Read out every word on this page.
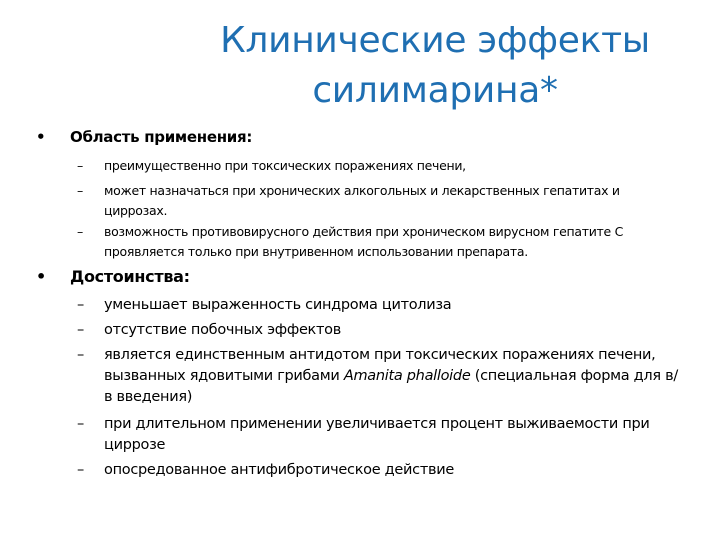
Клинические эффекты
силимарина*
• Область применения:
– преимущественно при токсических поражениях печени,
– может назначаться при хронических алкогольных и лекарственных гепатитах и циррозах.
– возможность противовирусного действия при хроническом вирусном гепатите С проявляется только при внутривенном использовании препарата.
• Достоинства:
– уменьшает выраженность синдрома цитолиза
– отсутствие побочных эффектов
– является единственным антидотом при токсических поражениях печени, вызванных ядовитыми грибами Amanita phalloide (специальная форма для в/в введения)
– при длительном применении увеличивается процент выживаемости при циррозе
– опосредованное антифибротическое действие
